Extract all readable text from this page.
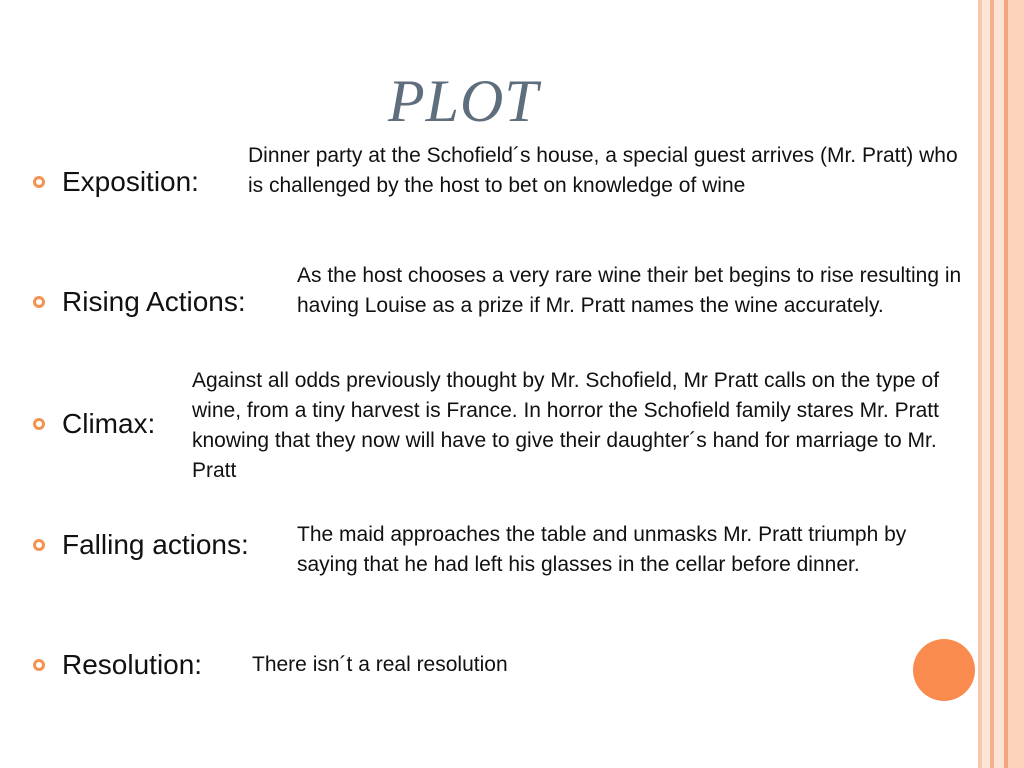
PLOT
Exposition:

Dinner party at the Schofield´s house, a special guest arrives (Mr. Pratt) who is challenged by the host to bet on knowledge of wine

Rising Actions:

As the host chooses a very rare wine their bet begins to rise resulting in having Louise as a prize if Mr. Pratt names the wine accurately.

Climax:

Against all odds previously thought by Mr. Schofield, Mr Pratt calls on the type of wine, from a tiny harvest is France. In horror the Schofield family stares Mr. Pratt knowing that they now will have to give their daughter´s hand for marriage to Mr. Pratt

Falling actions: The maid approaches the table and unmasks Mr. Pratt triumph by saying that he had left his glasses in the cellar before dinner.

Resolution: There isn´t a real resolution
